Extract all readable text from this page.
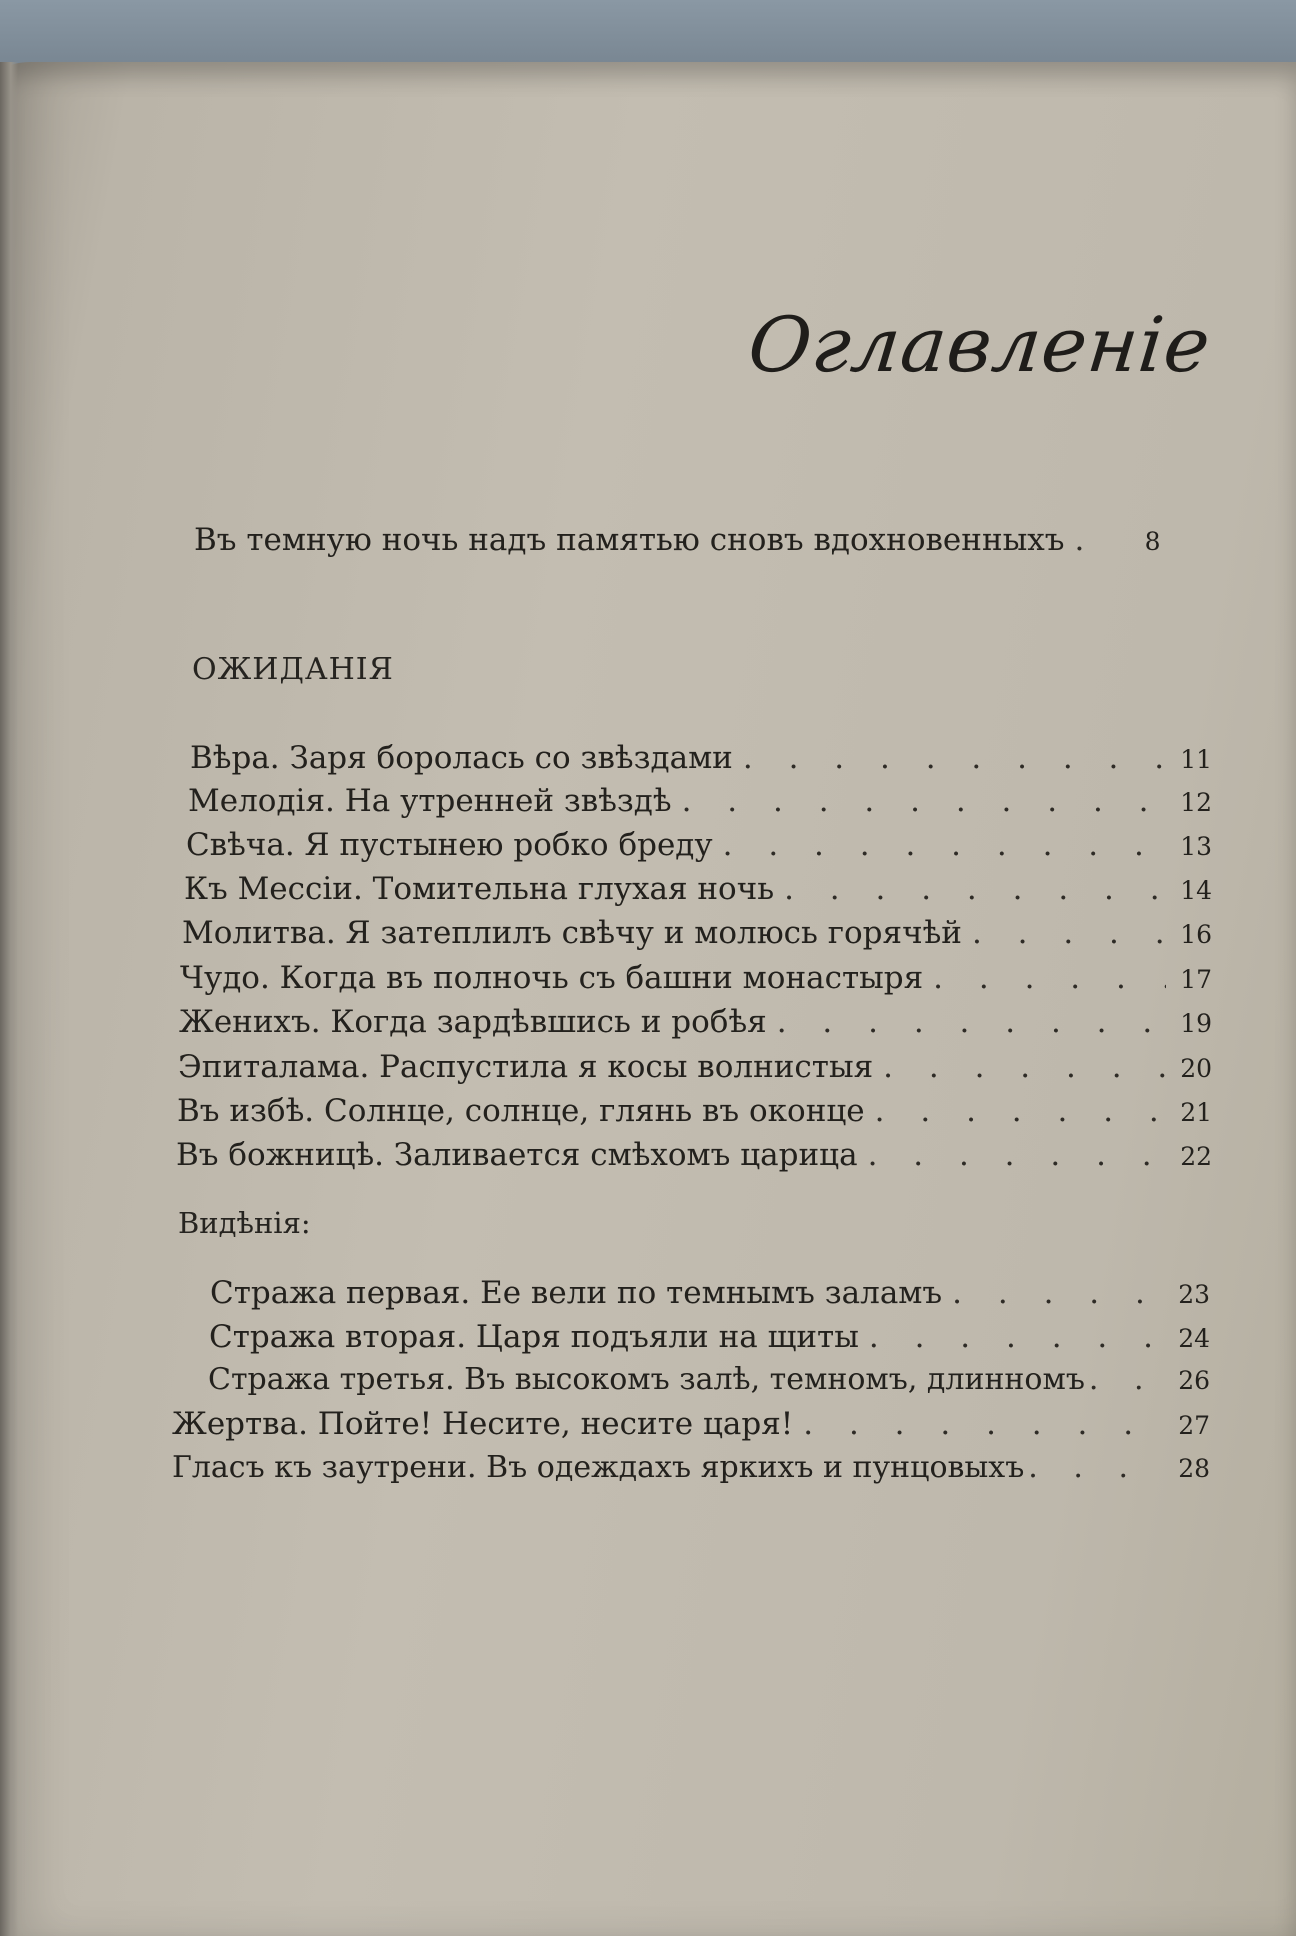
Оглавленіе
Въ темную ночь надъ памятью сновъ вдохновенныхъ . . .	8
ОЖИДАНІЯ
Вѣра. Заря боролась со звѣздами . . .	11
Мелодія. На утренней звѣздѣ . . .	12
Свѣча. Я пустынею робко бреду . . .	13
Къ Мессіи. Томительна глухая ночь . . .	14
Молитва. Я затеплилъ свѣчу и молюсь горячѣй . . .	16
Чудо. Когда въ полночь съ башни монастыря . . .	17
Женихъ. Когда зардѣвшись и робѣя . . .	19
Эпиталама. Распустила я косы волнистыя . . .	20
Въ избѣ. Солнце, солнце, глянь въ оконце . . .	21
Въ божницѣ. Заливается смѣхомъ царица . . .	22
Видѣнія:
Стража первая. Ее вели по темнымъ заламъ . . .	23
Стража вторая. Царя подъяли на щиты . . .	24
Стража третья. Въ высокомъ залѣ, темномъ, длинномъ . . .	26
Жертва. Пойте! Несите, несите царя! . . .	27
Гласъ къ заутрени. Въ одеждахъ яркихъ и пунцовыхъ . . .	28
